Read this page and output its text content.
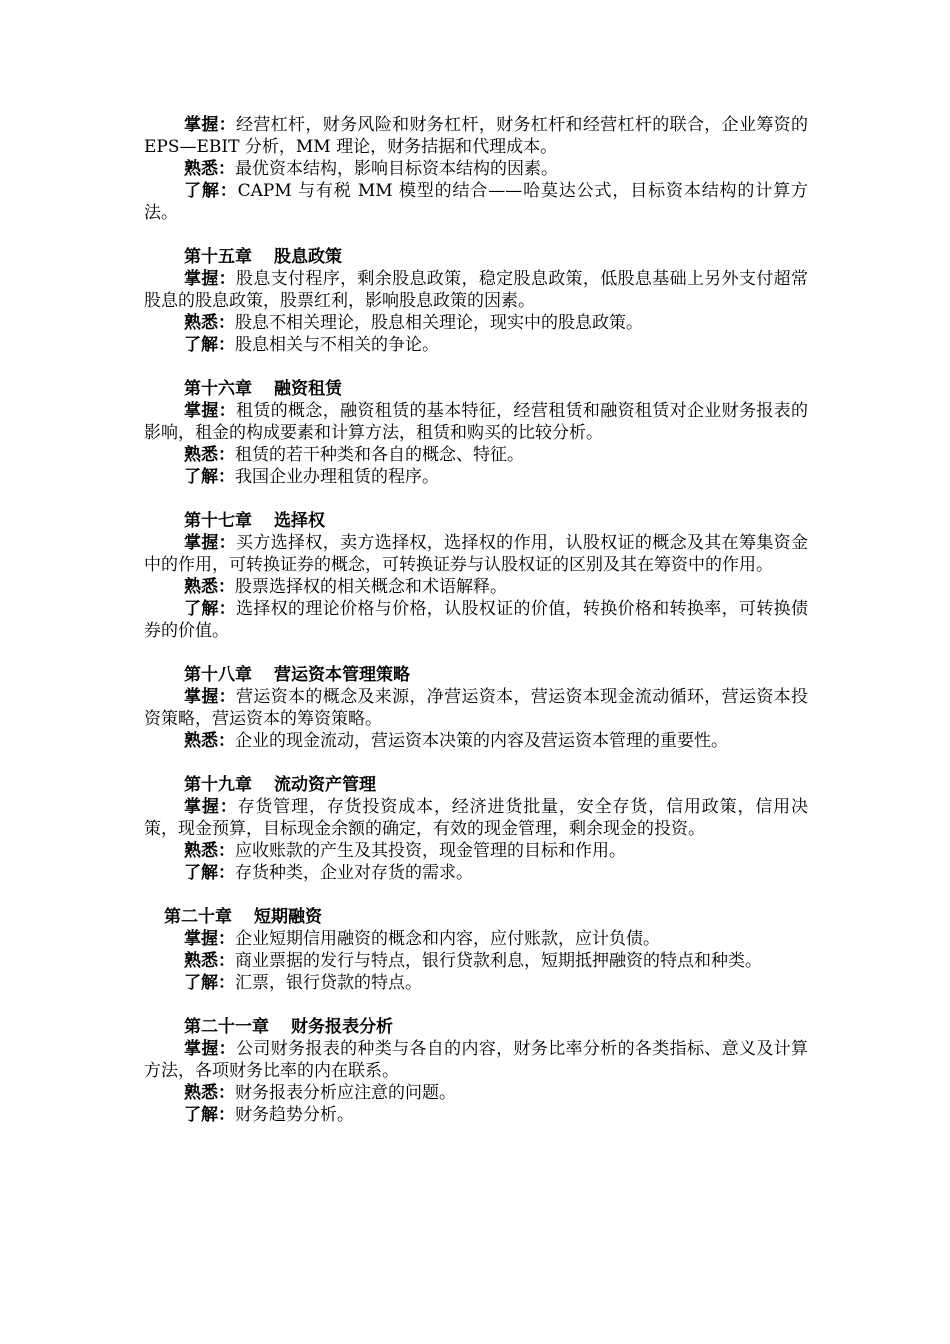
掌握：经营杠杆，财务风险和财务杠杆，财务杠杆和经营杠杆的联合，企业筹资的 EPS—EBIT 分析，MM 理论，财务拮据和代理成本。

熟悉：最优资本结构，影响目标资本结构的因素。

了解：CAPM 与有税 MM 模型的结合——哈莫达公式，目标资本结构的计算方法。

第十五章 股息政策

掌握：股息支付程序，剩余股息政策，稳定股息政策，低股息基础上另外支付超常股息的股息政策，股票红利，影响股息政策的因素。

熟悉：股息不相关理论，股息相关理论，现实中的股息政策。

了解：股息相关与不相关的争论。

第十六章 融资租赁

掌握：租赁的概念，融资租赁的基本特征，经营租赁和融资租赁对企业财务报表的影响，租金的构成要素和计算方法，租赁和购买的比较分析。

熟悉：租赁的若干种类和各自的概念、特征。

了解：我国企业办理租赁的程序。

第十七章 选择权

掌握：买方选择权，卖方选择权，选择权的作用，认股权证的概念及其在筹集资金中的作用，可转换证券的概念，可转换证券与认股权证的区别及其在筹资中的作用。

熟悉：股票选择权的相关概念和术语解释。

了解：选择权的理论价格与价格，认股权证的价值，转换价格和转换率，可转换债券的价值。

第十八章 营运资本管理策略

掌握：营运资本的概念及来源，净营运资本，营运资本现金流动循环，营运资本投资策略，营运资本的筹资策略。

熟悉：企业的现金流动，营运资本决策的内容及营运资本管理的重要性。

第十九章 流动资产管理

掌握：存货管理，存货投资成本，经济进货批量，安全存货，信用政策，信用决策，现金预算，目标现金余额的确定，有效的现金管理，剩余现金的投资。

熟悉：应收账款的产生及其投资，现金管理的目标和作用。

了解：存货种类，企业对存货的需求。

第二十章 短期融资

掌握：企业短期信用融资的概念和内容，应付账款，应计负债。

熟悉：商业票据的发行与特点，银行贷款利息，短期抵押融资的特点和种类。

了解：汇票，银行贷款的特点。

第二十一章 财务报表分析

掌握：公司财务报表的种类与各自的内容，财务比率分析的各类指标、意义及计算方法，各项财务比率的内在联系。

熟悉：财务报表分析应注意的问题。

了解：财务趋势分析。
